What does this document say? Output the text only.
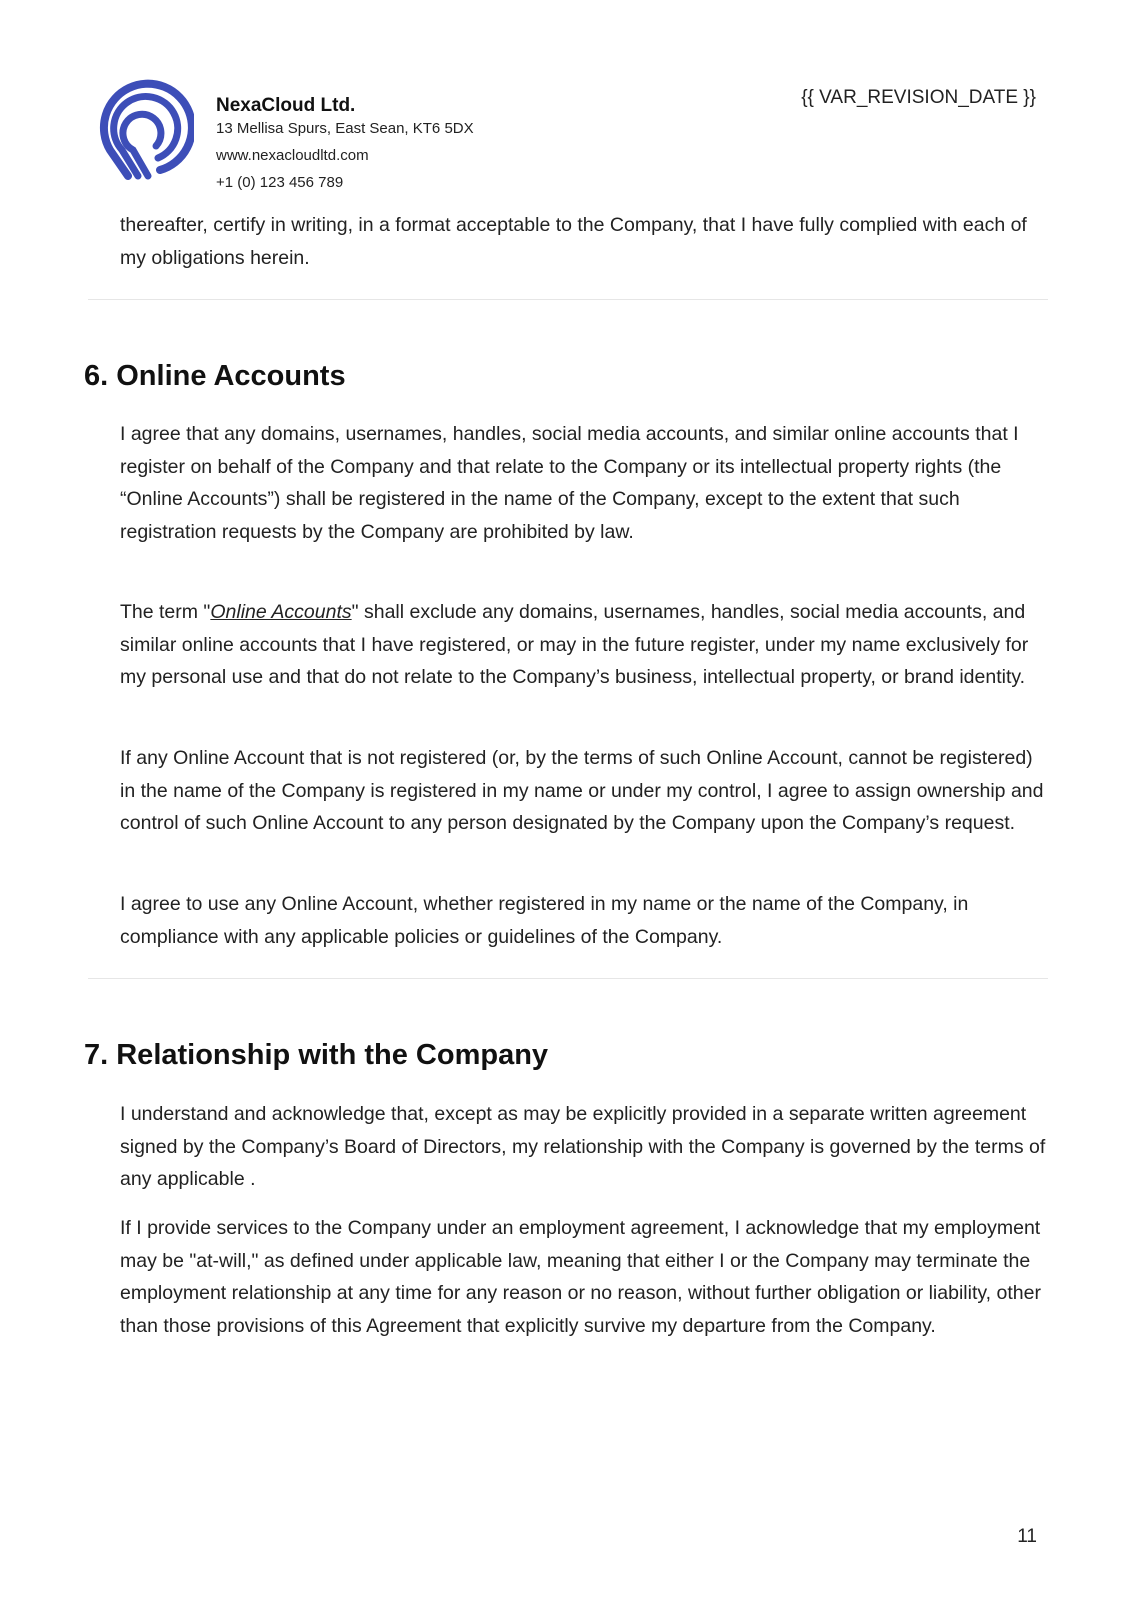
NexaCloud Ltd.
13 Mellisa Spurs, East Sean, KT6 5DX
www.nexacloudltd.com
+1 (0) 123 456 789
{{ VAR_REVISION_DATE }}

thereafter, certify in writing, in a format acceptable to the Company, that I have fully complied with each of my obligations herein.

6. Online Accounts

I agree that any domains, usernames, handles, social media accounts, and similar online accounts that I register on behalf of the Company and that relate to the Company or its intellectual property rights (the “Online Accounts”) shall be registered in the name of the Company, except to the extent that such registration requests by the Company are prohibited by law.

The term "Online Accounts" shall exclude any domains, usernames, handles, social media accounts, and similar online accounts that I have registered, or may in the future register, under my name exclusively for my personal use and that do not relate to the Company’s business, intellectual property, or brand identity.

If any Online Account that is not registered (or, by the terms of such Online Account, cannot be registered) in the name of the Company is registered in my name or under my control, I agree to assign ownership and control of such Online Account to any person designated by the Company upon the Company’s request.

I agree to use any Online Account, whether registered in my name or the name of the Company, in compliance with any applicable policies or guidelines of the Company.

7. Relationship with the Company

I understand and acknowledge that, except as may be explicitly provided in a separate written agreement signed by the Company’s Board of Directors, my relationship with the Company is governed by the terms of any applicable .

If I provide services to the Company under an employment agreement, I acknowledge that my employment may be "at-will," as defined under applicable law, meaning that either I or the Company may terminate the employment relationship at any time for any reason or no reason, without further obligation or liability, other than those provisions of this Agreement that explicitly survive my departure from the Company.

11
